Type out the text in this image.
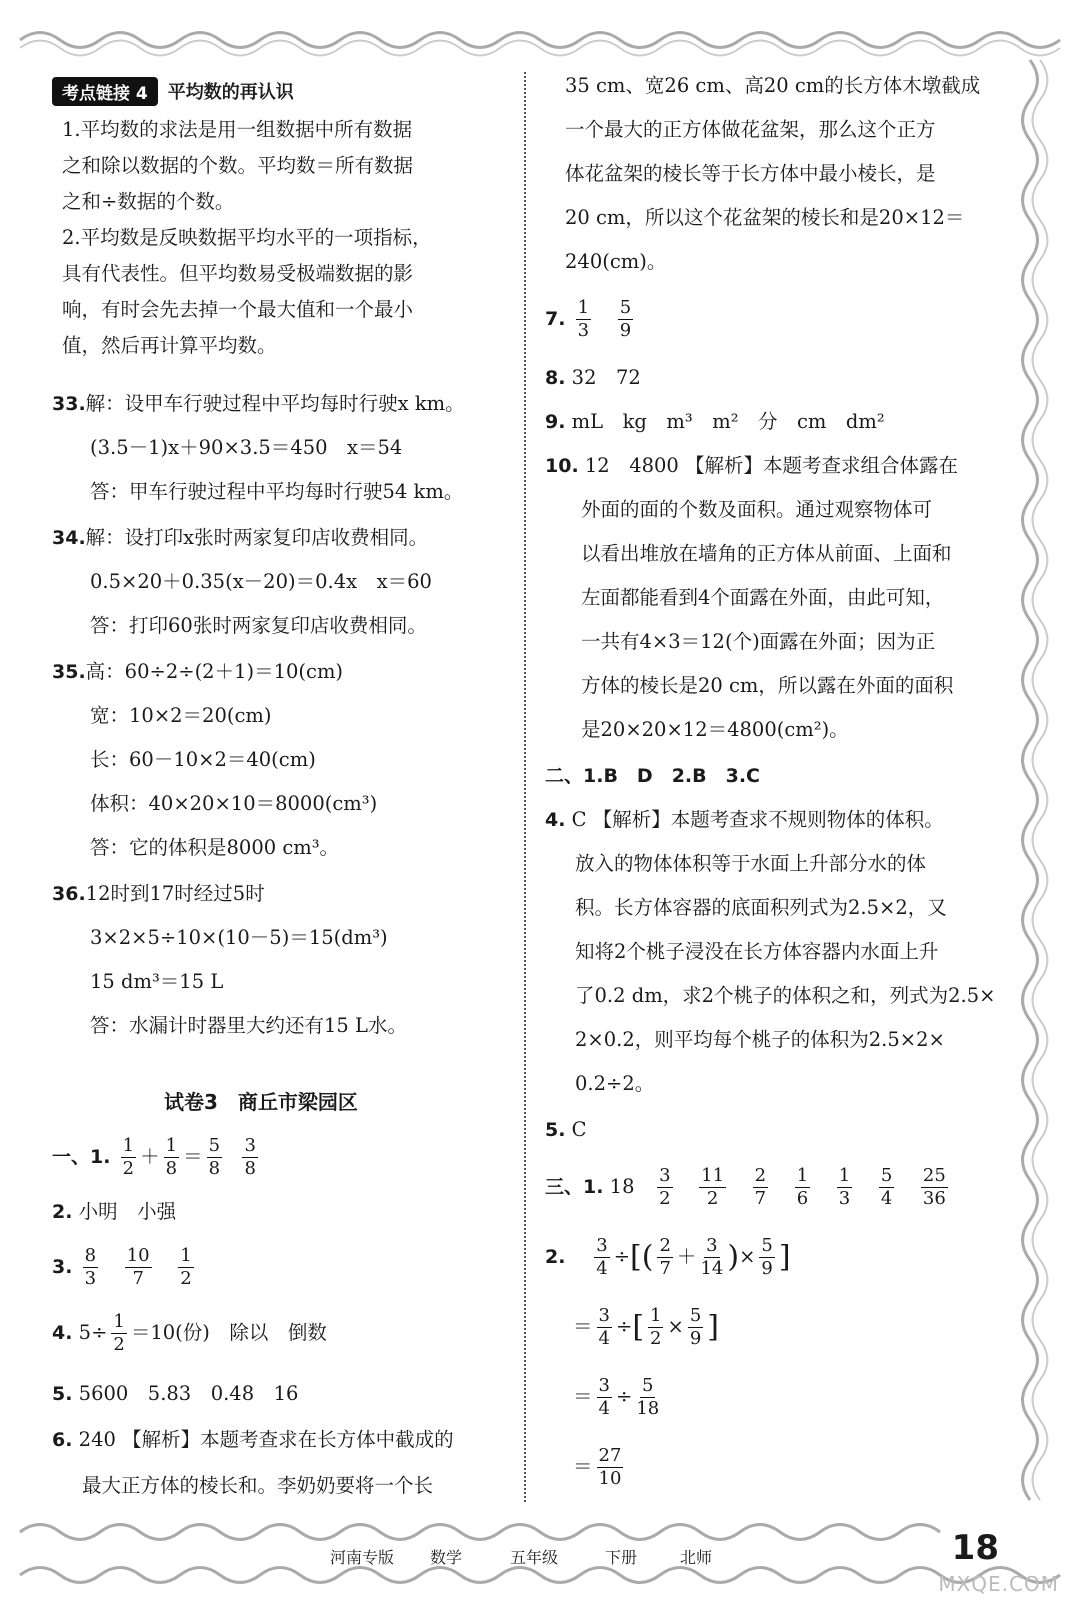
考点链接 4	平均数的再认识
1.平均数的求法是用一组数据中所有数据
之和除以数据的个数。平均数＝所有数据
之和÷数据的个数。
2.平均数是反映数据平均水平的一项指标，
具有代表性。但平均数易受极端数据的影
响，有时会先去掉一个最大值和一个最小
值，然后再计算平均数。
33.解：设甲车行驶过程中平均每时行驶x km。
(3.5－1)x＋90×3.5＝450　x＝54
答：甲车行驶过程中平均每时行驶54 km。
34.解：设打印x张时两家复印店收费相同。
0.5×20＋0.35(x－20)＝0.4x　x＝60
答：打印60张时两家复印店收费相同。
35.高：60÷2÷(2＋1)＝10(cm)
宽：10×2＝20(cm)
长：60－10×2＝40(cm)
体积：40×20×10＝8000(cm³)
答：它的体积是8000 cm³。
36.12时到17时经过5时
3×2×5÷10×(10－5)＝15(dm³)
15 dm³＝15 L
答：水漏计时器里大约还有15 L水。
试卷3　商丘市梁园区
一、1. $\frac{1}{2} + \frac{1}{8} = \frac{5}{8}$
$\frac{3}{8}$
2. 小明　小强
3. $\frac{8}{3}$
$\frac{10}{7}$
$\frac{1}{2}$
4. $5\div \frac{1}{2} =10$(份)　除以　倒数
5. 5600　5.83　0.48　16
6. 240 【解析】本题考查求在长方体中截成的
最大正方体的棱长和。李奶奶要将一个长
35 cm、宽26 cm、高20 cm的长方体木墩截成
一个最大的正方体做花盆架，那么这个正方
体花盆架的棱长等于长方体中最小棱长，是
20 cm，所以这个花盆架的棱长和是20×12＝
240(cm)。
7. $\frac{1}{3}$
$\frac{5}{9}$
8. 32　72
9. mL　kg　m³　m²　分　cm　dm²
10. 12　4800 【解析】本题考查求组合体露在
外面的面的个数及面积。通过观察物体可
以看出堆放在墙角的正方体从前面、上面和
左面都能看到4个面露在外面，由此可知，
一共有4×3＝12(个)面露在外面；因为正
方体的棱长是20 cm，所以露在外面的面积
是20×20×12＝4800(cm²)。
二、1.B　D　2.B　3.C
4. C 【解析】本题考查求不规则物体的体积。
放入的物体体积等于水面上升部分水的体
积。长方体容器的底面积列式为2.5×2，又
知将2个桃子浸没在长方体容器内水面上升
了0.2 dm，求2个桃子的体积之和，列式为2.5×
2×0.2，则平均每个桃子的体积为2.5×2×
0.2÷2。
5. C
三、1. $18 \frac{3}{2}$
$\frac{11}{2}$
$\frac{2}{7}$
$\frac{1}{6}$
$\frac{1}{3}$
$\frac{5}{4}$
$\frac{25}{36}$
2. $\frac{3}{4}$ ÷[( $\frac{2}{7} + \frac{3}{14}$ )× $\frac{5}{9}$ ]
＝ $\frac{3}{4}$ ÷[ $\frac{1}{2} \times \frac{5}{9}$ ]
＝ $\frac{3}{4} \div \frac{5}{18}$
＝ $\frac{27}{10}$
河南专版 数学	五年级	下册	北师	18
MXQE.COM
